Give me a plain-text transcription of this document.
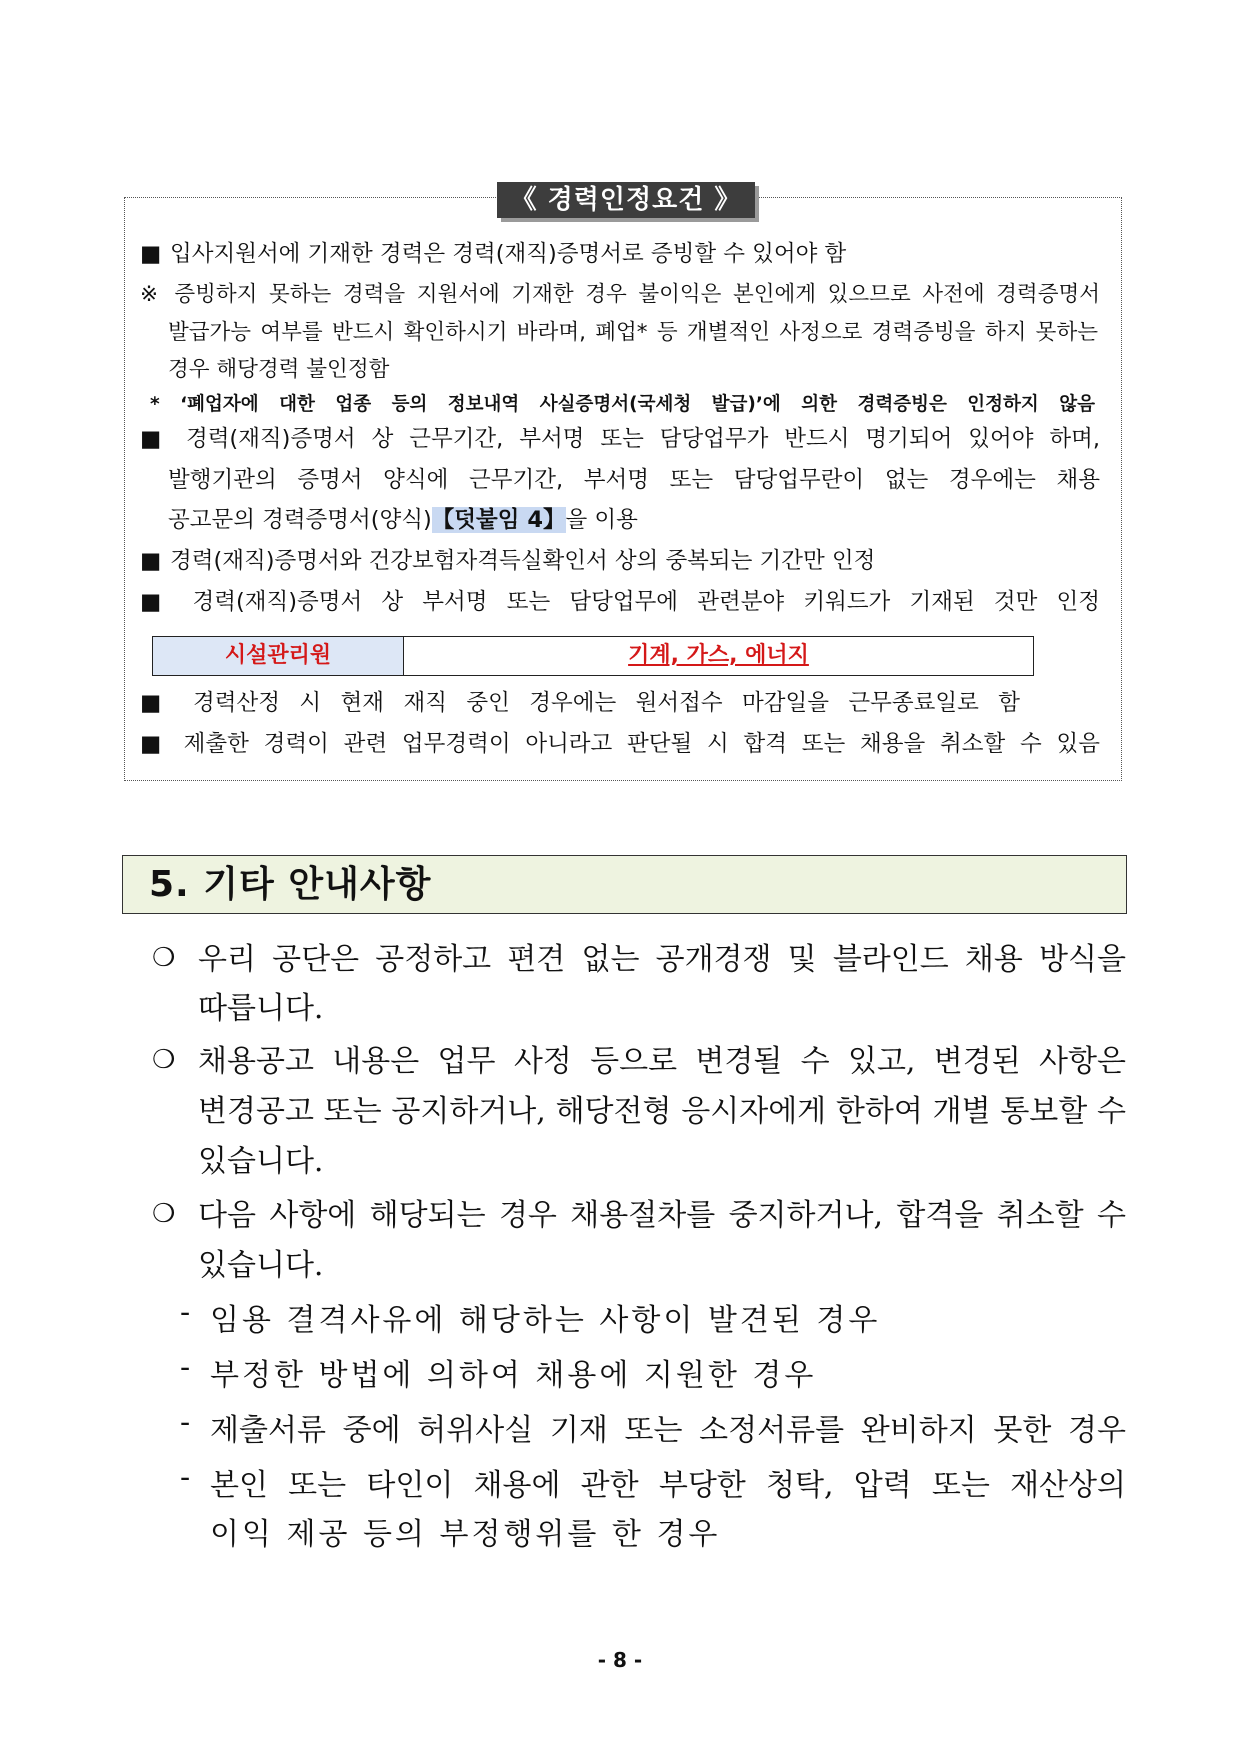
《 경력인정요건 》
■ 입사지원서에 기재한 경력은 경력(재직)증명서로 증빙할 수 있어야 함
※ 증빙하지 못하는 경력을 지원서에 기재한 경우 불이익은 본인에게 있으므로 사전에 경력증명서
발급가능 여부를 반드시 확인하시기 바라며, 폐업* 등 개별적인 사정으로 경력증빙을 하지 못하는
경우 해당경력 불인정함
* ‘폐업자에 대한 업종 등의 정보내역 사실증명서(국세청 발급)’에 의한 경력증빙은 인정하지 않음
■ 경력(재직)증명서 상 근무기간, 부서명 또는 담당업무가 반드시 명기되어 있어야 하며,
발행기관의 증명서 양식에 근무기간, 부서명 또는 담당업무란이 없는 경우에는 채용
공고문의 경력증명서(양식)【덧붙임 4】을 이용
■ 경력(재직)증명서와 건강보험자격득실확인서 상의 중복되는 기간만 인정
■ 경력(재직)증명서 상 부서명 또는 담당업무에 관련분야 키워드가 기재된 것만 인정
시설관리원	기계, 가스, 에너지
■ 경력산정 시 현재 재직 중인 경우에는 원서접수 마감일을 근무종료일로 함
■ 제출한 경력이 관련 업무경력이 아니라고 판단될 시 합격 또는 채용을 취소할 수 있음
5. 기타 안내사항
❍ 우리 공단은 공정하고 편견 없는 공개경쟁 및 블라인드 채용 방식을
따릅니다.
❍ 채용공고 내용은 업무 사정 등으로 변경될 수 있고, 변경된 사항은
변경공고 또는 공지하거나, 해당전형 응시자에게 한하여 개별 통보할 수
있습니다.
❍ 다음 사항에 해당되는 경우 채용절차를 중지하거나, 합격을 취소할 수
있습니다.
- 임용 결격사유에 해당하는 사항이 발견된 경우
- 부정한 방법에 의하여 채용에 지원한 경우
- 제출서류 중에 허위사실 기재 또는 소정서류를 완비하지 못한 경우
- 본인 또는 타인이 채용에 관한 부당한 청탁, 압력 또는 재산상의
이익 제공 등의 부정행위를 한 경우
- 8 -
